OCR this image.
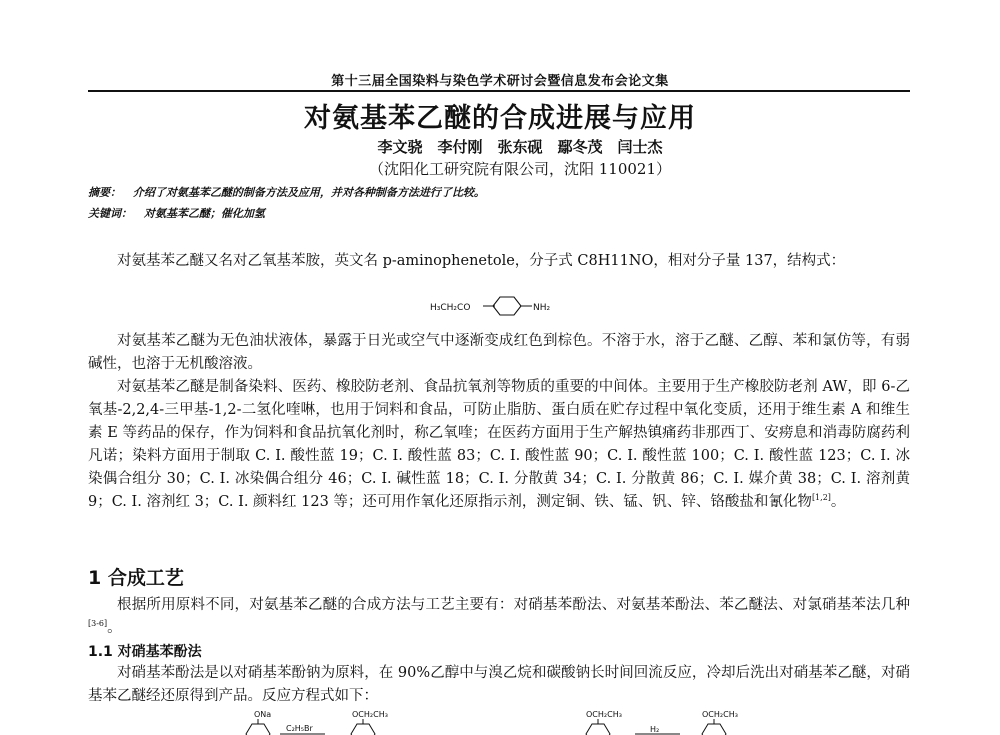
第十三届全国染料与染色学术研讨会暨信息发布会论文集
对氨基苯乙醚的合成进展与应用
李文骁　李付刚　张东砚　鄢冬茂　闫士杰
（沈阳化工研究院有限公司，沈阳 110021）
摘要： 介绍了对氨基苯乙醚的制备方法及应用，并对各种制备方法进行了比较。
关键词： 对氨基苯乙醚；催化加氢
对氨基苯乙醚又名对乙氧基苯胺，英文名 p-aminophenetole，分子式 C8H11NO，相对分子量 137，结构式：
H₃CH₂CO	NH₂
对氨基苯乙醚为无色油状液体，暴露于日光或空气中逐渐变成红色到棕色。不溶于水，溶于乙醚、乙醇、苯和氯仿等，有弱碱性，也溶于无机酸溶液。
对氨基苯乙醚是制备染料、医药、橡胶防老剂、食品抗氧剂等物质的重要的中间体。主要用于生产橡胶防老剂 AW，即 6-乙氧基-2,2,4-三甲基-1,2-二氢化喹啉，也用于饲料和食品，可防止脂肪、蛋白质在贮存过程中氧化变质，还用于维生素 A 和维生素 E 等药品的保存，作为饲料和食品抗氧化剂时，称乙氧喹；在医药方面用于生产解热镇痛药非那西丁、安痨息和消毒防腐药利凡诺；染料方面用于制取 C. I. 酸性蓝 19；C. I. 酸性蓝 83；C. I. 酸性蓝 90；C. I. 酸性蓝 100；C. I. 酸性蓝 123；C. I. 冰染偶合组分 30；C. I. 冰染偶合组分 46；C. I. 碱性蓝 18；C. I. 分散黄 34；C. I. 分散黄 86；C. I. 媒介黄 38；C. I. 溶剂黄 9；C. I. 溶剂红 3；C. I. 颜料红 123 等；还可用作氧化还原指示剂，测定铜、铁、锰、钒、锌、铬酸盐和氰化物[1,2]。
1 合成工艺
根据所用原料不同，对氨基苯乙醚的合成方法与工艺主要有：对硝基苯酚法、对氨基苯酚法、苯乙醚法、对氯硝基苯法几种[3-6]。
1.1 对硝基苯酚法
对硝基苯酚法是以对硝基苯酚钠为原料，在 90%乙醇中与溴乙烷和碳酸钠长时间回流反应，冷却后洗出对硝基苯乙醚，对硝基苯乙醚经还原得到产品。反应方程式如下：
ONa
C₂H₅Br
OCH₂CH₃	OCH₂CH₃
H₂
OCH₂CH₃
